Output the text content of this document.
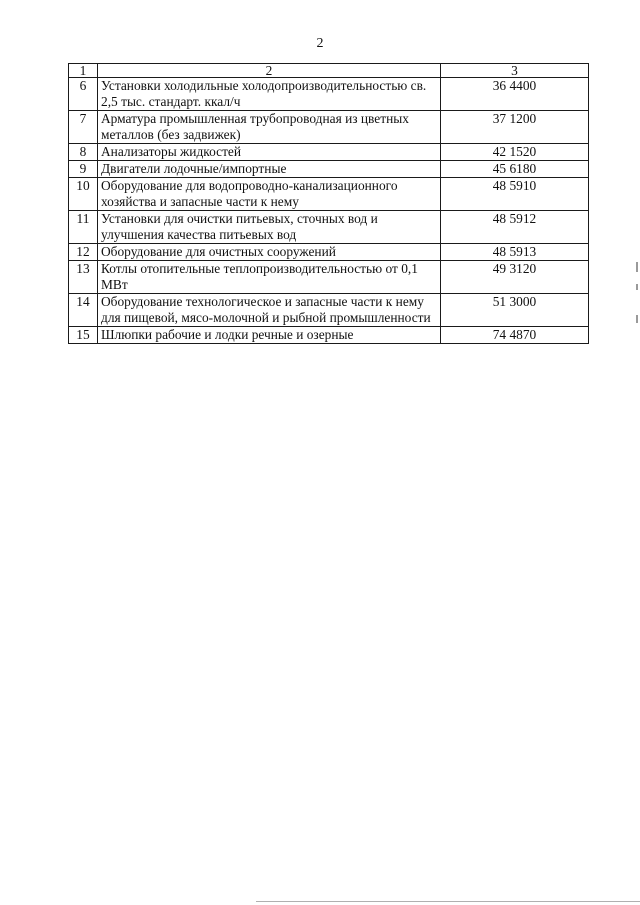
2
1	2	3
6	Установки холодильные холодопроизводительностью св. 2,5 тыс. стандарт. ккал/ч	36 4400
7	Арматура промышленная трубопроводная из цветных металлов (без задвижек)	37 1200
8	Анализаторы жидкостей	42 1520
9	Двигатели лодочные/импортные	45 6180
10	Оборудование для водопроводно-канализационного хозяйства и запасные части к нему	48 5910
11	Установки для очистки питьевых, сточных вод и улучшения качества питьевых вод	48 5912
12	Оборудование для очистных сооружений	48 5913
13	Котлы отопительные теплопроизводительностью от 0,1 МВт	49 3120
14	Оборудование технологическое и запасные части к нему для пищевой, мясо-молочной и рыбной промышленности	51 3000
15	Шлюпки рабочие и лодки речные и озерные	74 4870
